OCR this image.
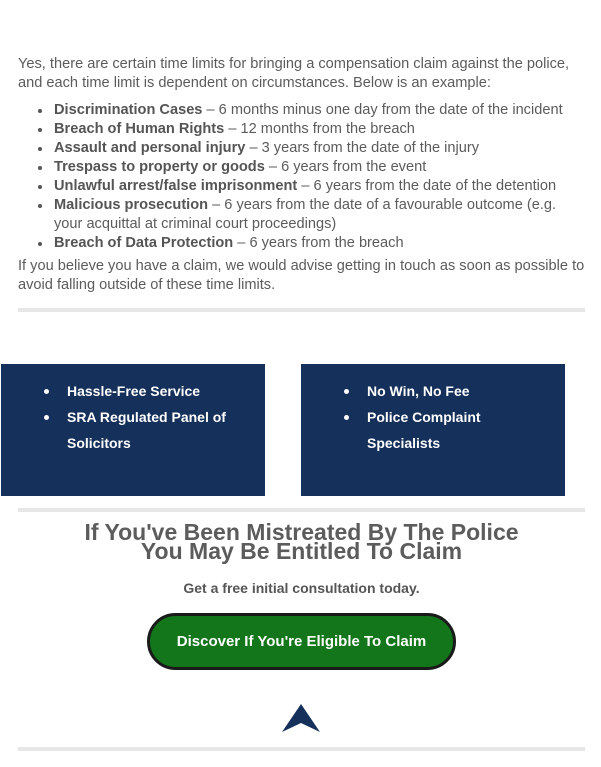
Yes, there are certain time limits for bringing a compensation claim against the police, and each time limit is dependent on circumstances. Below is an example:

Discrimination Cases – 6 months minus one day from the date of the incident
Breach of Human Rights – 12 months from the breach
Assault and personal injury – 3 years from the date of the injury
Trespass to property or goods – 6 years from the event
Unlawful arrest/false imprisonment – 6 years from the date of the detention
Malicious prosecution – 6 years from the date of a favourable outcome (e.g. your acquittal at criminal court proceedings)
Breach of Data Protection – 6 years from the breach

If you believe you have a claim, we would advise getting in touch as soon as possible to avoid falling outside of these time limits.

Hassle-Free Service
SRA Regulated Panel of Solicitors
No Win, No Fee
Police Complaint Specialists
If You've Been Mistreated By The Police
You May Be Entitled To Claim
Get a free initial consultation today.
Discover If You're Eligible To Claim
